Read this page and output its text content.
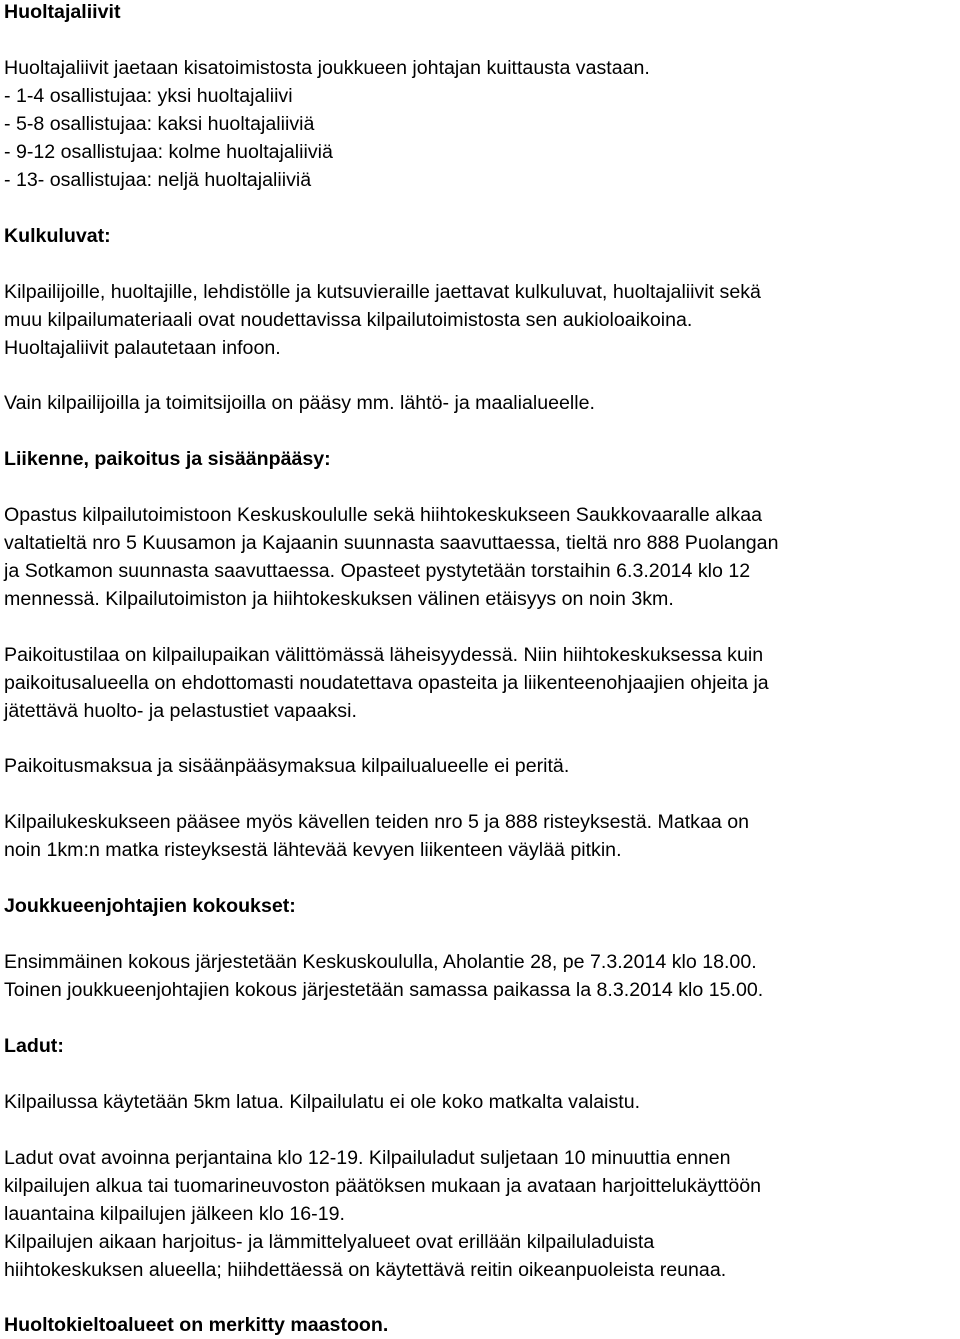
Huoltajaliivit
Huoltajaliivit jaetaan kisatoimistosta joukkueen johtajan kuittausta vastaan.
- 1-4 osallistujaa: yksi huoltajaliivi
- 5-8 osallistujaa: kaksi huoltajaliiviä
- 9-12 osallistujaa: kolme huoltajaliiviä
- 13- osallistujaa: neljä huoltajaliiviä
Kulkuluvat:
Kilpailijoille, huoltajille, lehdistölle ja kutsuvieraille jaettavat kulkuluvat, huoltajaliivit sekä
muu kilpailumateriaali ovat noudettavissa kilpailutoimistosta sen aukioloaikoina.
Huoltajaliivit palautetaan infoon.
Vain kilpailijoilla ja toimitsijoilla on pääsy mm. lähtö- ja maalialueelle.
Liikenne, paikoitus ja sisäänpääsy:
Opastus kilpailutoimistoon Keskuskoululle sekä hiihtokeskukseen Saukkovaaralle alkaa
valtatieltä nro 5 Kuusamon ja Kajaanin suunnasta saavuttaessa, tieltä nro 888 Puolangan
ja Sotkamon suunnasta saavuttaessa. Opasteet pystytetään torstaihin 6.3.2014 klo 12
mennessä. Kilpailutoimiston ja hiihtokeskuksen välinen etäisyys on noin 3km.
Paikoitustilaa on kilpailupaikan välittömässä läheisyydessä. Niin hiihtokeskuksessa kuin
paikoitusalueella on ehdottomasti noudatettava opasteita ja liikenteenohjaajien ohjeita ja
jätettävä huolto- ja pelastustiet vapaaksi.
Paikoitusmaksua ja sisäänpääsymaksua kilpailualueelle ei peritä.
Kilpailukeskukseen pääsee myös kävellen teiden nro 5 ja 888 risteyksestä. Matkaa on
noin 1km:n matka risteyksestä lähtevää kevyen liikenteen väylää pitkin.
Joukkueenjohtajien kokoukset:
Ensimmäinen kokous järjestetään Keskuskoululla, Aholantie 28, pe 7.3.2014 klo 18.00.
Toinen joukkueenjohtajien kokous järjestetään samassa paikassa la 8.3.2014 klo 15.00.
Ladut:
Kilpailussa käytetään 5km latua. Kilpailulatu ei ole koko matkalta valaistu.
Ladut ovat avoinna perjantaina klo 12-19. Kilpailuladut suljetaan 10 minuuttia ennen
kilpailujen alkua tai tuomarineuvoston päätöksen mukaan ja avataan harjoittelukäyttöön
lauantaina kilpailujen jälkeen klo 16-19.
Kilpailujen aikaan harjoitus- ja lämmittelyalueet ovat erillään kilpailuladuista
hiihtokeskuksen alueella; hiihdettäessä on käytettävä reitin oikeanpuoleista reunaa.
Huoltokieltoalueet on merkitty maastoon.
